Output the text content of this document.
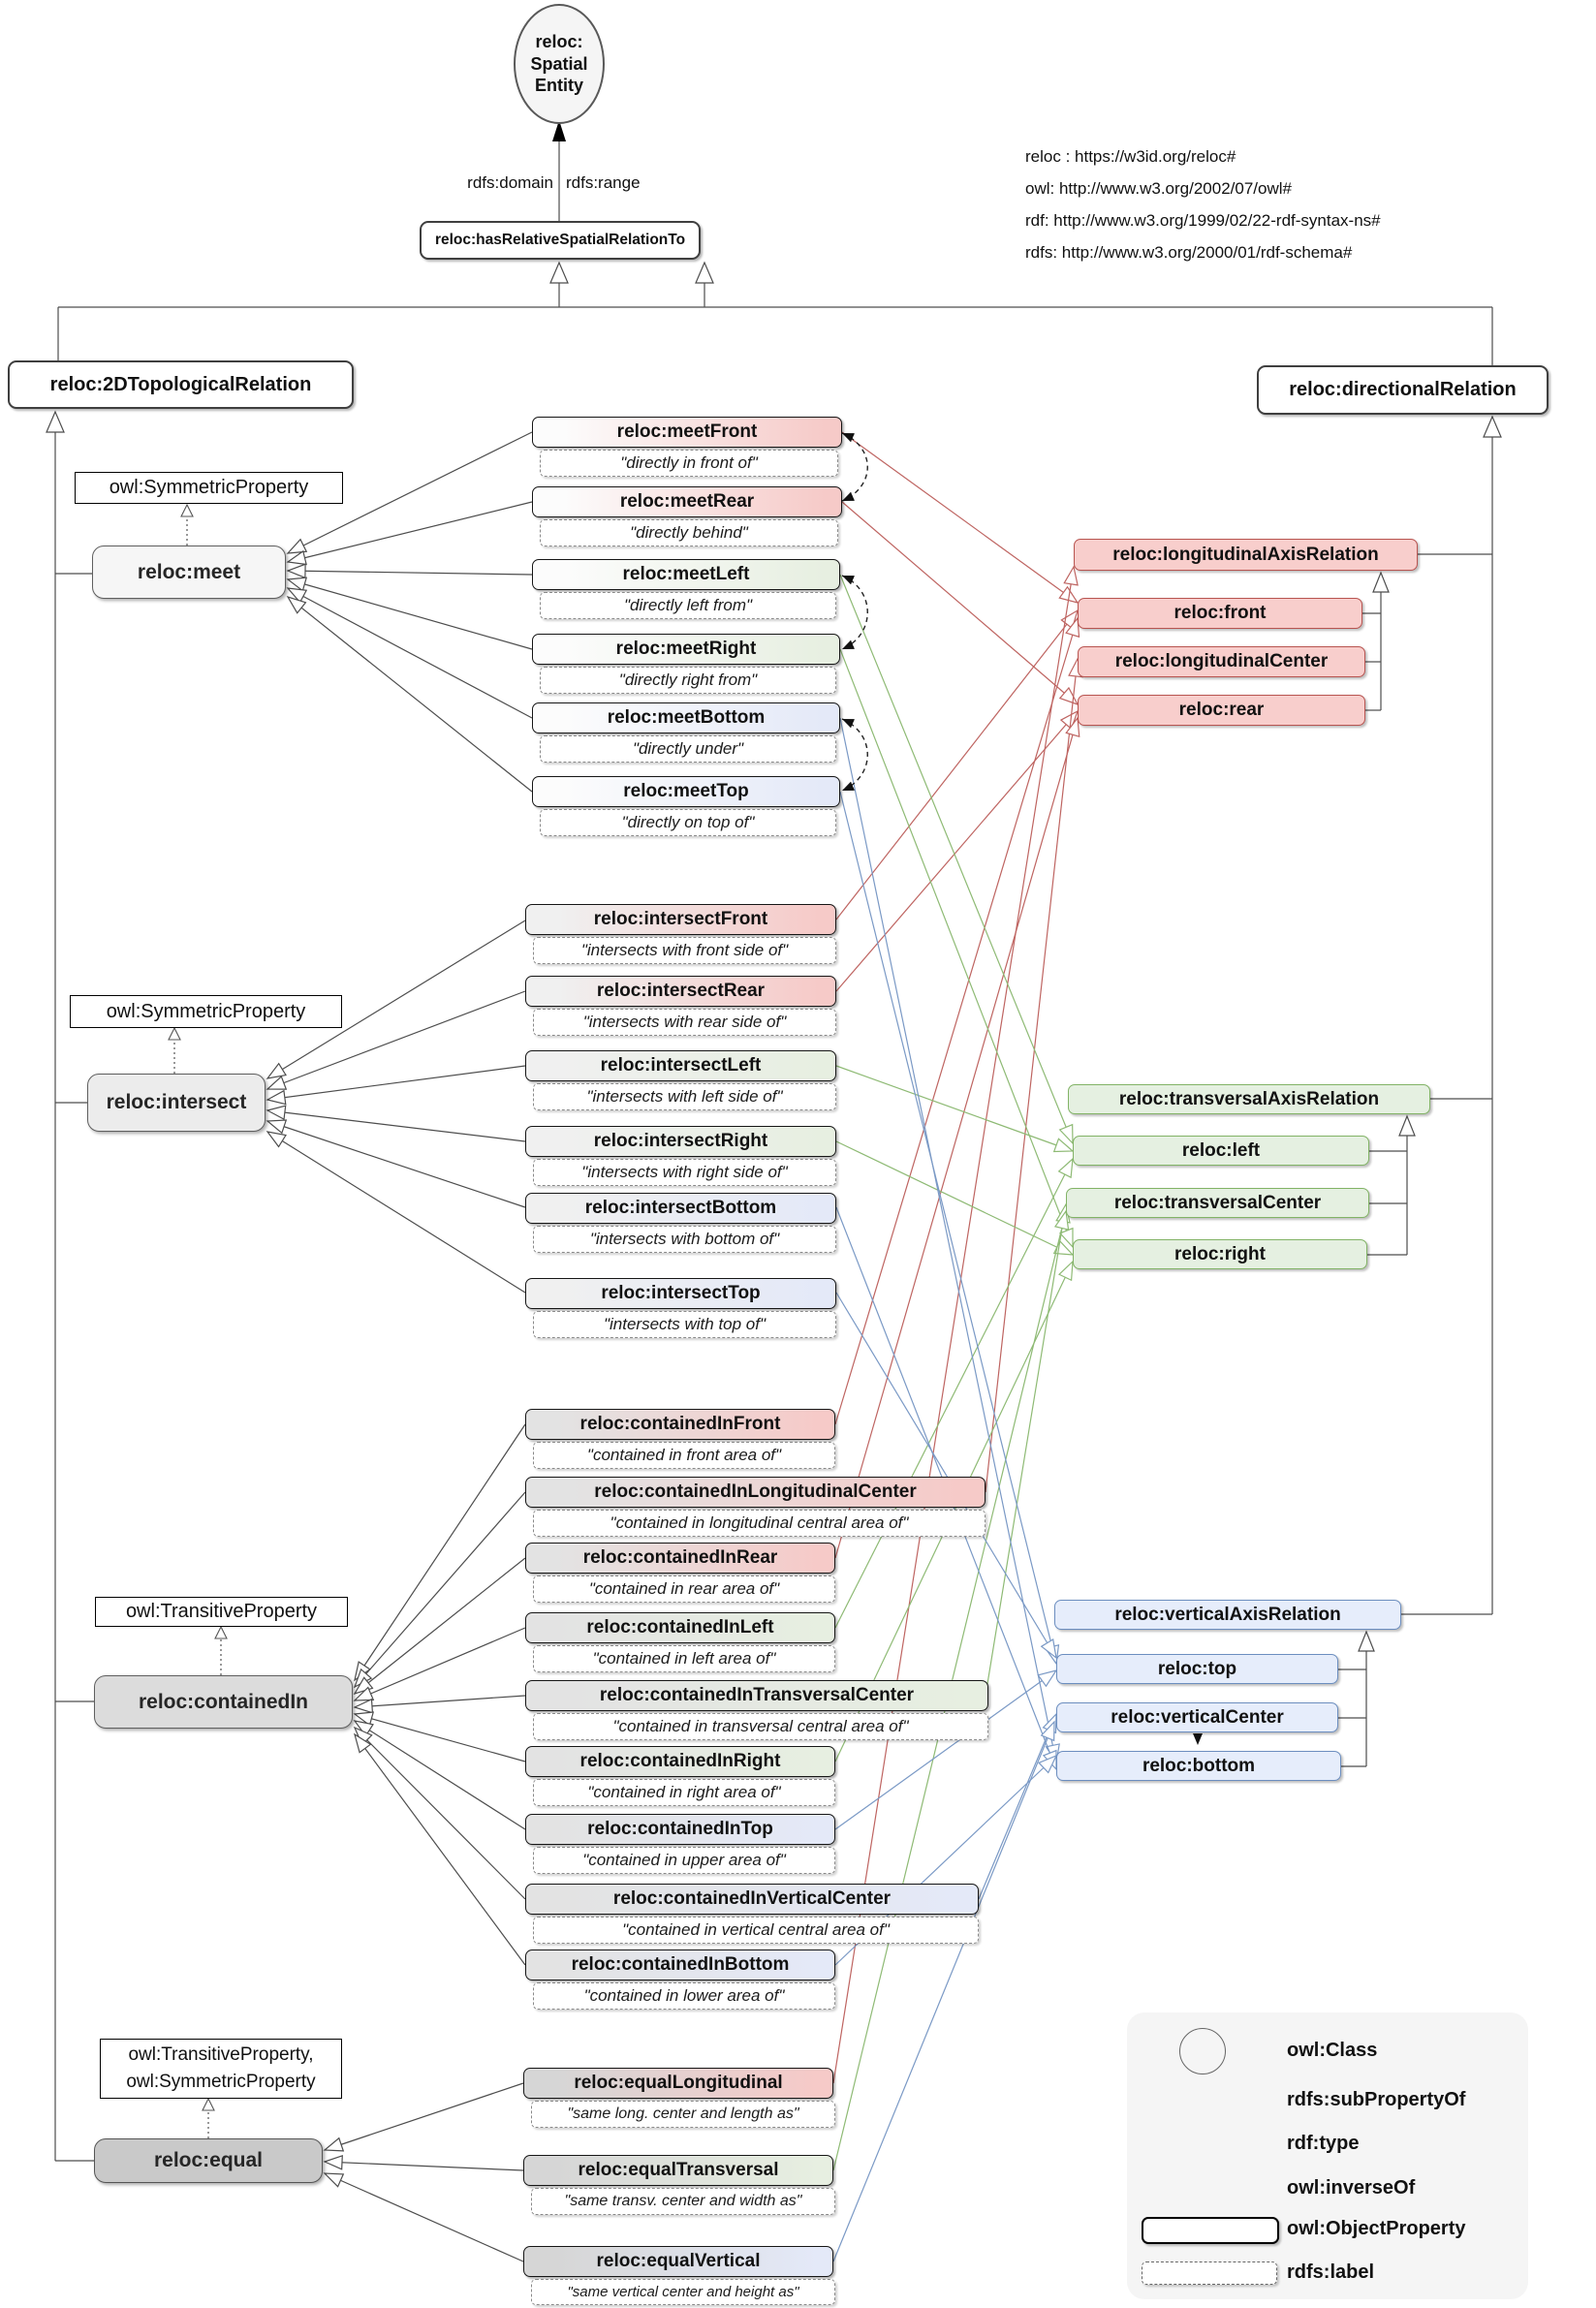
reloc:
Spatial
Entity
rdfs:domain rdfs:range
reloc:hasRelativeSpatialRelationTo
reloc : https://w3id.org/reloc#
owl: http://www.w3.org/2002/07/owl#
rdf: http://www.w3.org/1999/02/22-rdf-syntax-ns#
rdfs: http://www.w3.org/2000/01/rdf-schema#
reloc:2DTopologicalRelation
owl:SymmetricProperty
reloc:meet
owl:SymmetricProperty
reloc:intersect
owl:TransitiveProperty
reloc:containedIn
owl:TransitiveProperty,
owl:SymmetricProperty
reloc:equal
reloc:meetFront
"directly in front of"
reloc:meetRear
"directly behind"
reloc:meetLeft
"directly left from"
reloc:meetRight
"directly right from"
reloc:meetBottom
"directly under"
reloc:meetTop
"directly on top of"
reloc:intersectFront
"intersects with front side of"
reloc:intersectRear
"intersects with rear side of"
reloc:intersectLeft
"intersects with left side of"
reloc:intersectRight
"intersects with right side of"
reloc:intersectBottom
"intersects with bottom of"
reloc:intersectTop
"intersects with top of"
reloc:containedInFront
"contained in front area of"
reloc:containedInLongitudinalCenter
"contained in longitudinal central area of"
reloc:containedInRear
"contained in rear area of"
reloc:containedInLeft
"contained in left area of"
reloc:containedInTransversalCenter
"contained in transversal central area of"
reloc:containedInRight
"contained in right area of"
reloc:containedInTop
"contained in upper area of"
reloc:containedInVerticalCenter
"contained in vertical central area of"
reloc:containedInBottom
"contained in lower area of"
reloc:equalLongitudinal
"same long. center and length as"
reloc:equalTransversal
"same transv. center and width as"
reloc:equalVertical
"same vertical center and height as"
reloc:directionalRelation
reloc:longitudinalAxisRelation
reloc:front
reloc:longitudinalCenter
reloc:rear
reloc:transversalAxisRelation
reloc:left
reloc:transversalCenter
reloc:right
reloc:verticalAxisRelation
reloc:top
reloc:verticalCenter
reloc:bottom
owl:Class
rdfs:subPropertyOf
rdf:type
owl:inverseOf
owl:ObjectProperty
rdfs:label
